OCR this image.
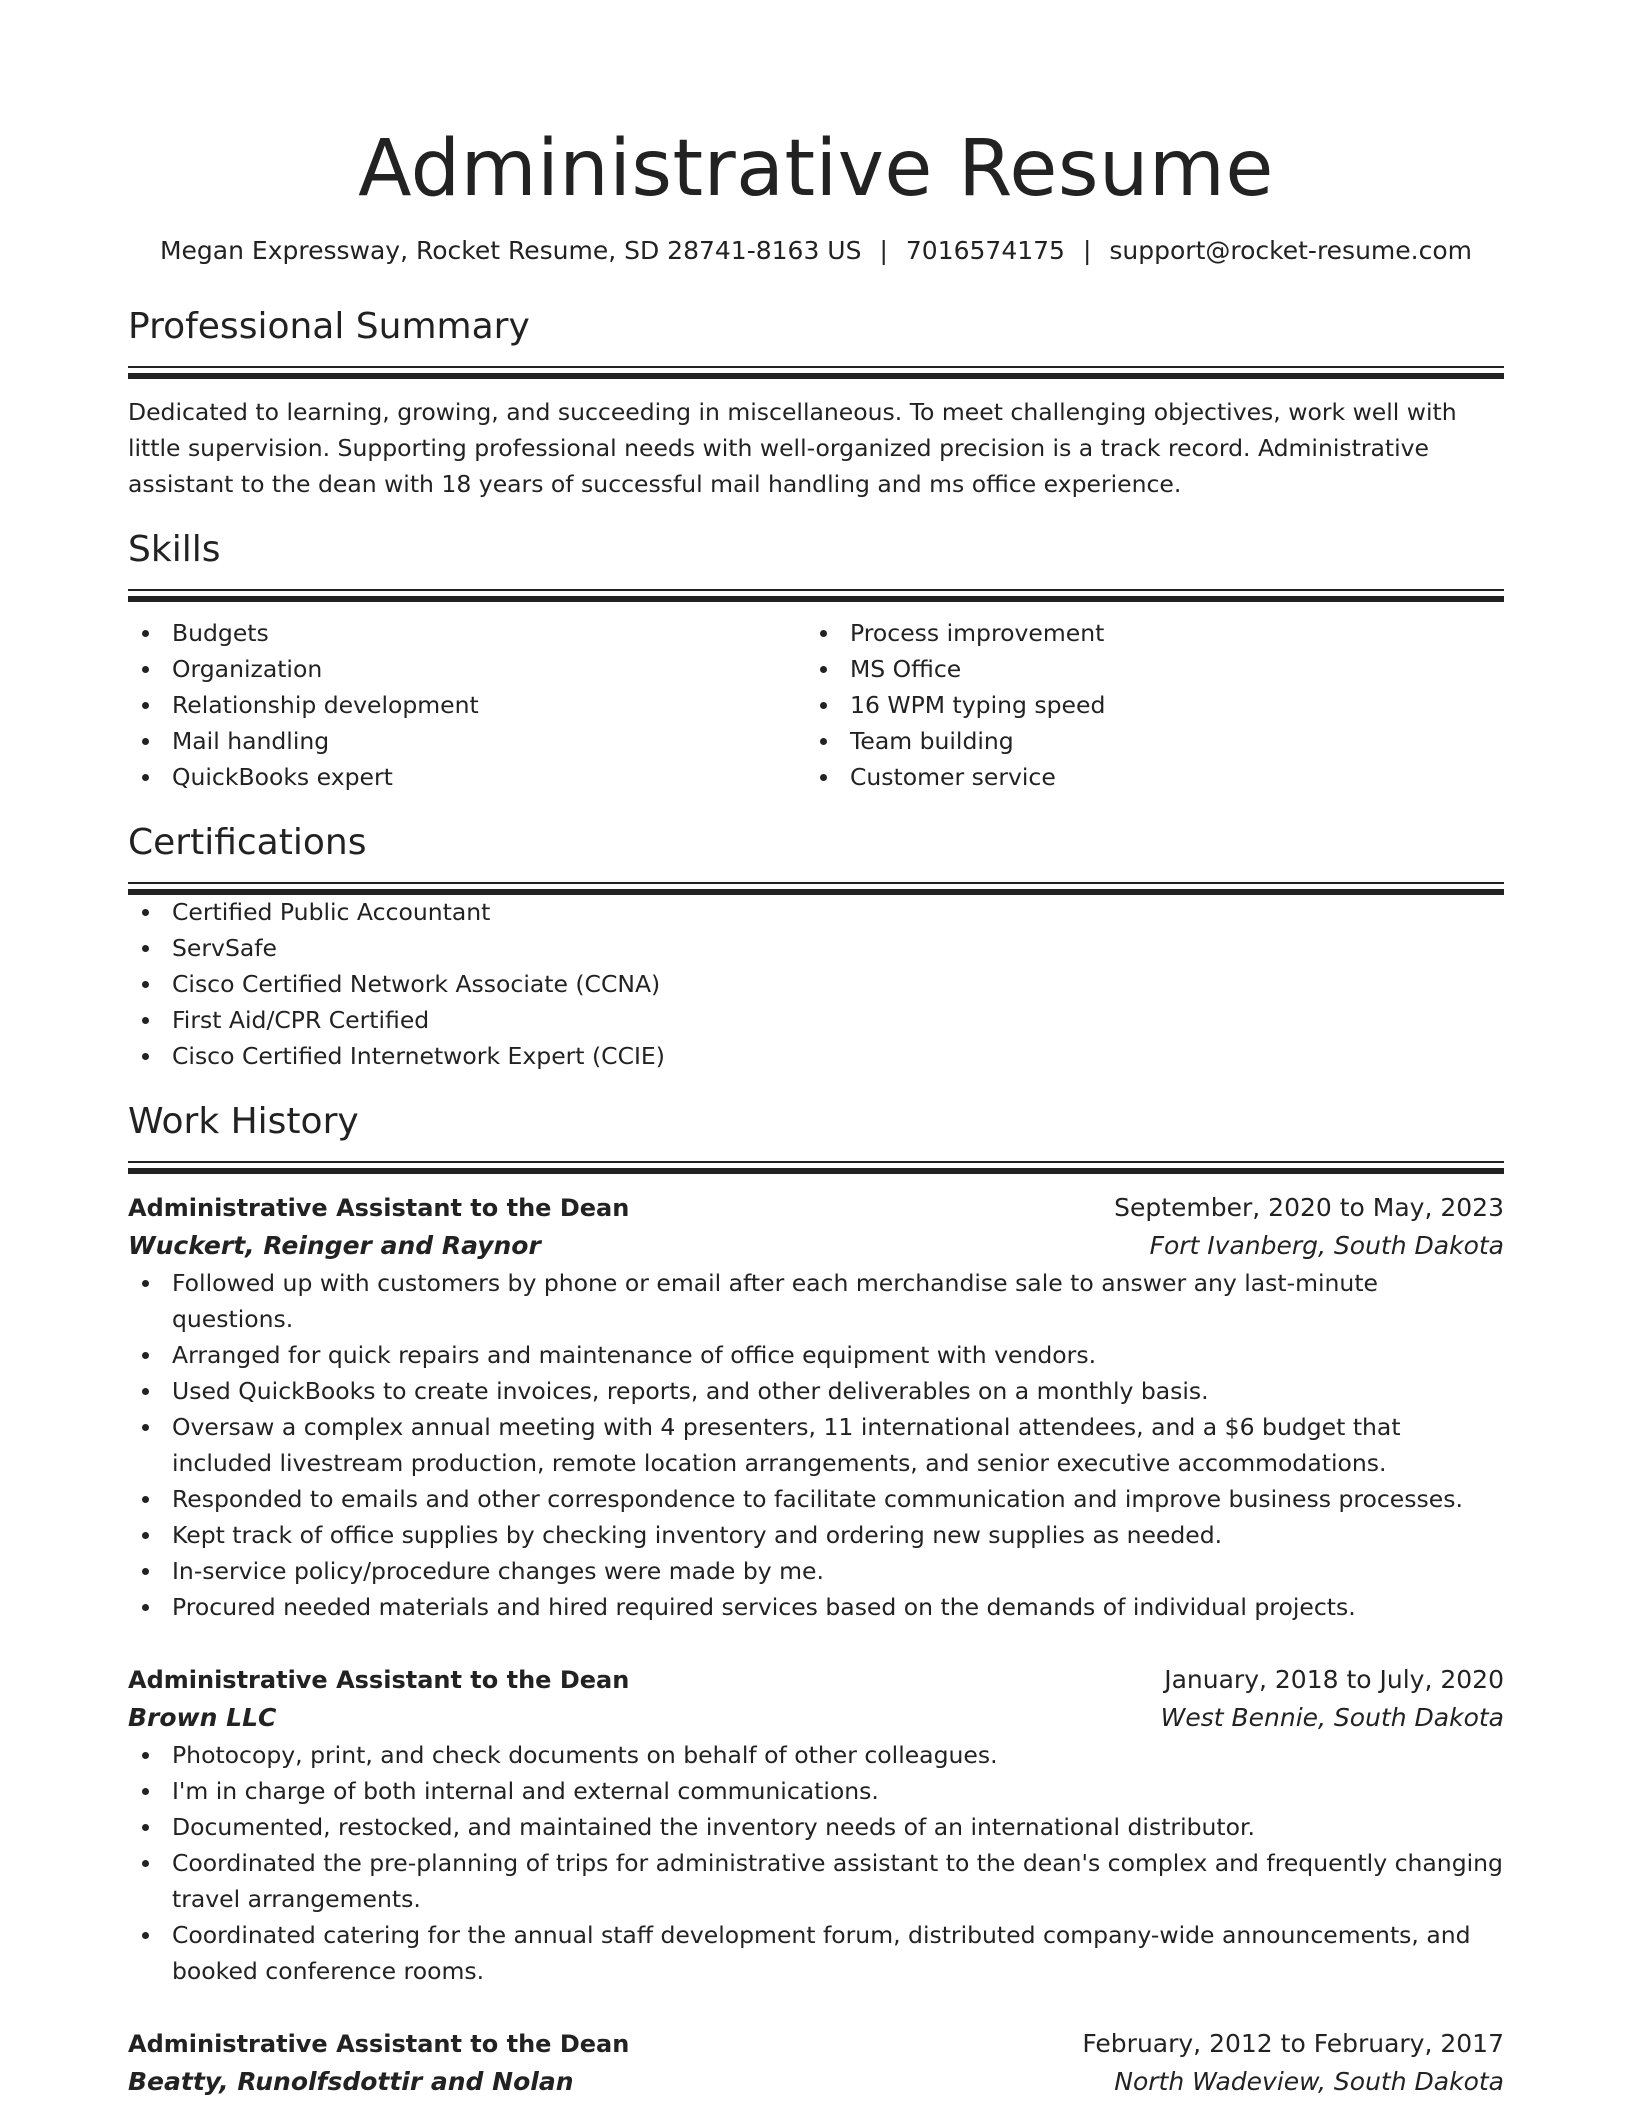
Administrative Resume
Megan Expressway, Rocket Resume, SD 28741-8163 US | 7016574175 | support@rocket-resume.com
Professional Summary

Dedicated to learning, growing, and succeeding in miscellaneous. To meet challenging objectives, work well with little supervision. Supporting professional needs with well-organized precision is a track record. Administrative assistant to the dean with 18 years of successful mail handling and ms office experience.

Skills
Budgets
Organization
Relationship development
Mail handling
QuickBooks expert
Process improvement
MS Office
16 WPM typing speed
Team building
Customer service
Certifications
Certified Public Accountant
ServSafe
Cisco Certified Network Associate (CCNA)
First Aid/CPR Certified
Cisco Certified Internetwork Expert (CCIE)
Work History
Administrative Assistant to the Dean	September, 2020 to May, 2023
Wuckert, Reinger and Raynor	Fort Ivanberg, South Dakota
Followed up with customers by phone or email after each merchandise sale to answer any last-minute questions.
Arranged for quick repairs and maintenance of office equipment with vendors.
Used QuickBooks to create invoices, reports, and other deliverables on a monthly basis.
Oversaw a complex annual meeting with 4 presenters, 11 international attendees, and a $6 budget that included livestream production, remote location arrangements, and senior executive accommodations.
Responded to emails and other correspondence to facilitate communication and improve business processes.
Kept track of office supplies by checking inventory and ordering new supplies as needed.
In-service policy/procedure changes were made by me.
Procured needed materials and hired required services based on the demands of individual projects.
Administrative Assistant to the Dean	January, 2018 to July, 2020
Brown LLC	West Bennie, South Dakota
Photocopy, print, and check documents on behalf of other colleagues.
I'm in charge of both internal and external communications.
Documented, restocked, and maintained the inventory needs of an international distributor.
Coordinated the pre-planning of trips for administrative assistant to the dean's complex and frequently changing travel arrangements.
Coordinated catering for the annual staff development forum, distributed company-wide announcements, and booked conference rooms.
Administrative Assistant to the Dean	February, 2012 to February, 2017
Beatty, Runolfsdottir and Nolan	North Wadeview, South Dakota
